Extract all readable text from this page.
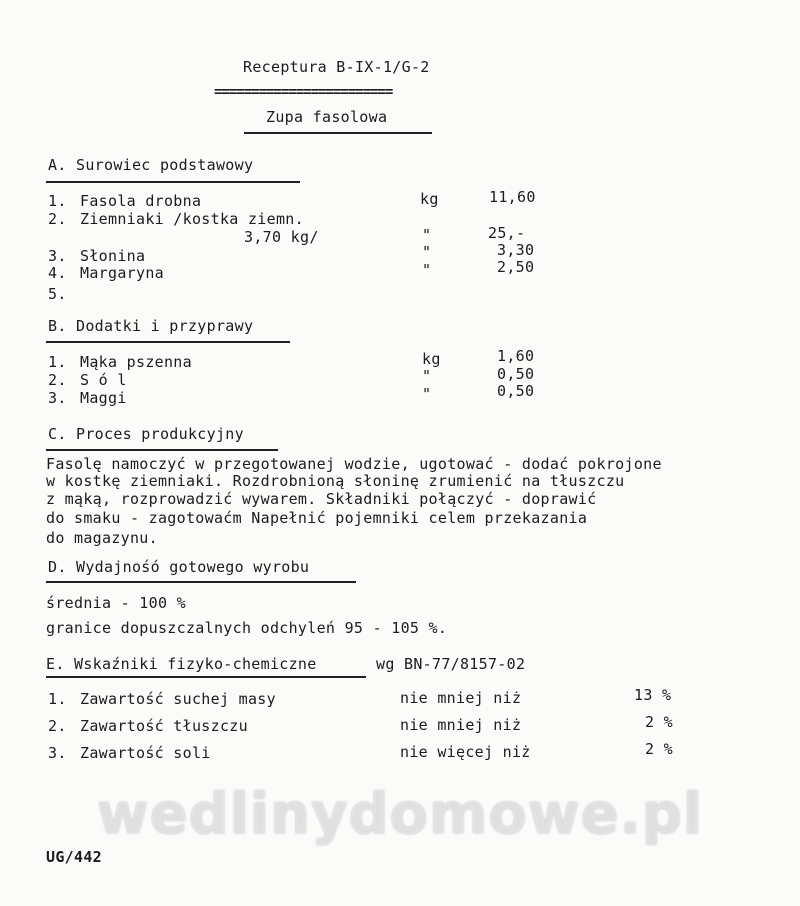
Receptura B-IX-1/G-2
========================
Zupa fasolowa
A. Surowiec podstawowy
1. Fasola drobna	kg	11,60
2. Ziemniaki /kostka ziemn.
3,70 kg/	"	25,-
3. Słonina	"	3,30
4. Margaryna	"	2,50
5.
B. Dodatki i przyprawy
1. Mąka pszenna	kg	1,60
2. S ó l	"	0,50
3. Maggi	"	0,50
C. Proces produkcyjny
Fasolę namoczyć w przegotowanej wodzie, ugotować - dodać pokrojone
w kostkę ziemniaki. Rozdrobnioną słoninę zrumienić na tłuszczu
z mąką, rozprowadzić wywarem. Składniki połączyć - doprawić
do smaku - zagotowaćm Napełnić pojemniki celem przekazania
do magazynu.
D. Wydajnośó gotowego wyrobu
średnia - 100 %
granice dopuszczalnych odchyleń 95 - 105 %.
E. Wskaźniki fizyko-chemiczne	wg BN-77/8157-02
1. Zawartość suchej masy	nie mniej niż	13 %
2. Zawartość tłuszczu	nie mniej niż	2 %
3. Zawartość soli	nie więcej niż	2 %
wedlinydomowe.pl
UG/442
